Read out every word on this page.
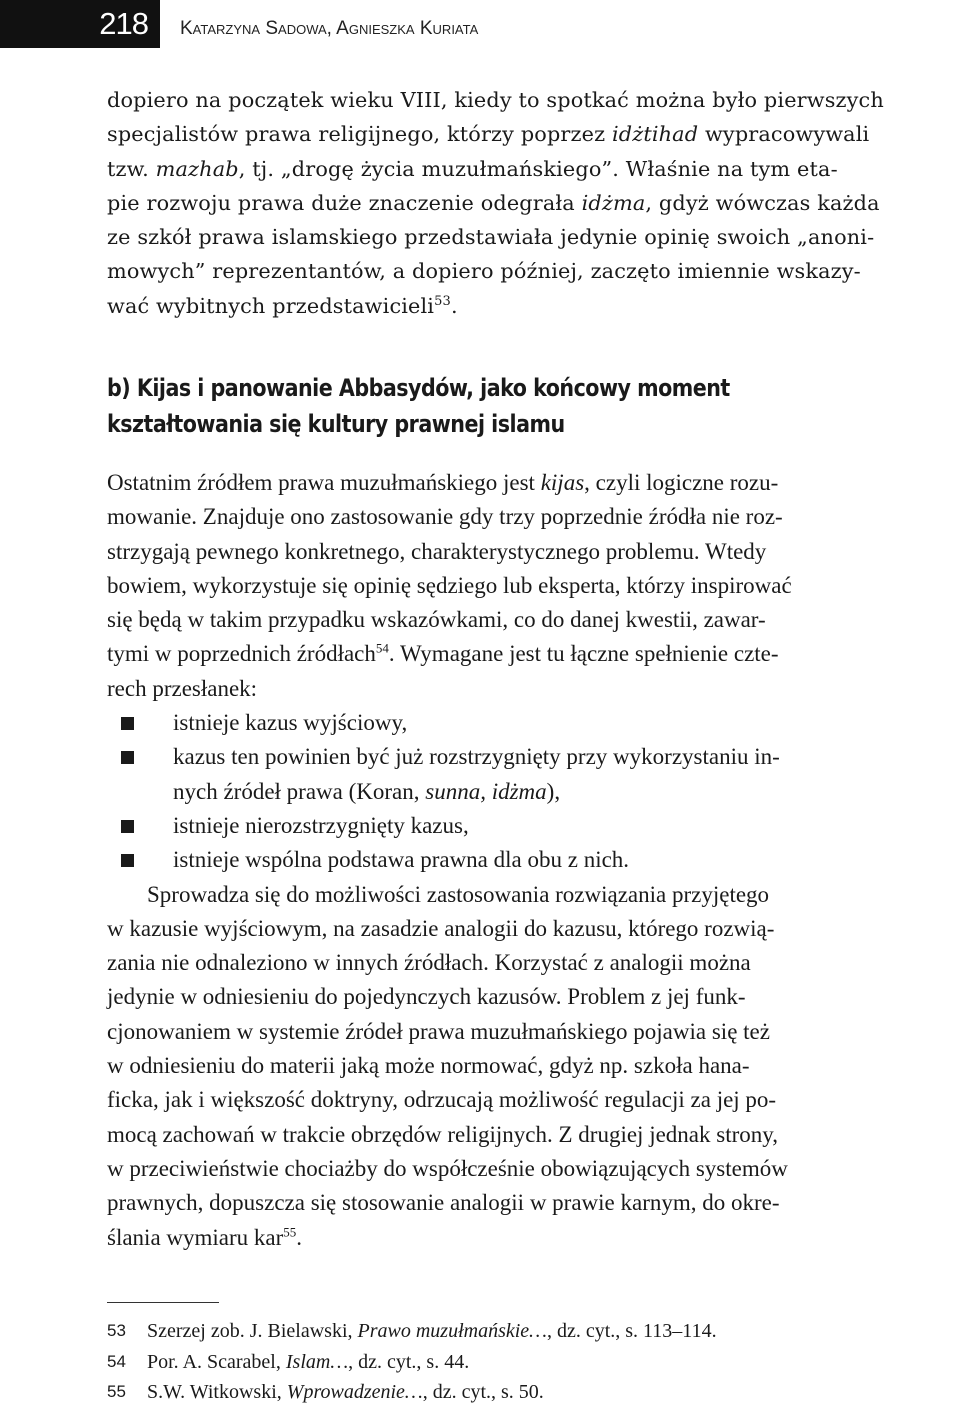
218	Katarzyna Sadowa, Agnieszka Kuriata

dopiero na początek wieku VIII, kiedy to spotkać można było pierwszych
specjalistów prawa religijnego, którzy poprzez idżtihad wypracowywali
tzw. mazhab, tj. „drogę życia muzułmańskiego”. Właśnie na tym eta-
pie rozwoju prawa duże znaczenie odegrała idżma, gdyż wówczas każda
ze szkół prawa islamskiego przedstawiała jedynie opinię swoich „anoni-
mowych” reprezentantów, a dopiero później, zaczęto imiennie wskazy-
wać wybitnych przedstawicieli$^{53}$.

b) Kijas i panowanie Abbasydów, jako końcowy moment
kształtowania się kultury prawnej islamu

Ostatnim źródłem prawa muzułmańskiego jest kijas, czyli logiczne rozu-
mowanie. Znajduje ono zastosowanie gdy trzy poprzednie źródła nie roz-
strzygają pewnego konkretnego, charakterystycznego problemu. Wtedy
bowiem, wykorzystuje się opinię sędziego lub eksperta, którzy inspirować
się będą w takim przypadku wskazówkami, co do danej kwestii, zawar-
tymi w poprzednich źródłach$^{54}$. Wymagane jest tu łączne spełnienie czte-
rech przesłanek:

istnieje kazus wyjściowy,
kazus ten powinien być już rozstrzygnięty przy wykorzystaniu in-
nych źródeł prawa (Koran, sunna, idżma),
istnieje nierozstrzygnięty kazus,
istnieje wspólna podstawa prawna dla obu z nich.

Sprowadza się do możliwości zastosowania rozwiązania przyjętego
w kazusie wyjściowym, na zasadzie analogii do kazusu, którego rozwią-
zania nie odnaleziono w innych źródłach. Korzystać z analogii można
jedynie w odniesieniu do pojedynczych kazusów. Problem z jej funk-
cjonowaniem w systemie źródeł prawa muzułmańskiego pojawia się też
w odniesieniu do materii jaką może normować, gdyż np. szkoła hana-
ficka, jak i większość doktryny, odrzucają możliwość regulacji za jej po-
mocą zachowań w trakcie obrzędów religijnych. Z drugiej jednak strony,
w przeciwieństwie chociażby do współcześnie obowiązujących systemów
prawnych, dopuszcza się stosowanie analogii w prawie karnym, do okre-
ślania wymiaru kar$^{55}$.

53 Szerzej zob. J. Bielawski, Prawo muzułmańskie…, dz. cyt., s. 113–114.
54 Por. A. Scarabel, Islam…, dz. cyt., s. 44.
55 S.W. Witkowski, Wprowadzenie…, dz. cyt., s. 50.
